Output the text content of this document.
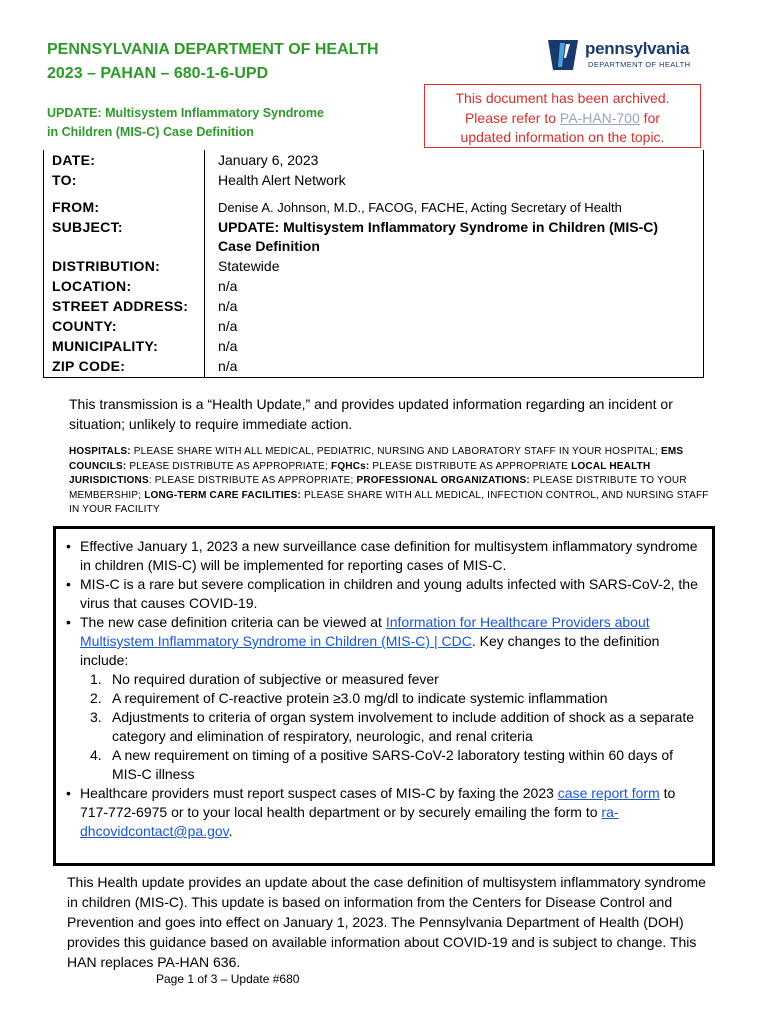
PENNSYLVANIA DEPARTMENT OF HEALTH
2023 – PAHAN – 680-1-6-UPD
UPDATE: Multisystem Inflammatory Syndrome
in Children (MIS-C) Case Definition
pennsylvania
DEPARTMENT OF HEALTH
This document has been archived.
Please refer to PA-HAN-700 for
updated information on the topic.
DATE:	January 6, 2023
TO:	Health Alert Network
FROM:	Denise A. Johnson, M.D., FACOG, FACHE, Acting Secretary of Health
SUBJECT:	UPDATE: Multisystem Inflammatory Syndrome in Children (MIS-C)
Case Definition
DISTRIBUTION:	Statewide
LOCATION:	n/a
STREET ADDRESS: n/a
COUNTY:	n/a
MUNICIPALITY:	n/a
ZIP CODE:	n/a
This transmission is a “Health Update,” and provides updated information regarding an incident or situation; unlikely to require immediate action.
HOSPITALS: PLEASE SHARE WITH ALL MEDICAL, PEDIATRIC, NURSING AND LABORATORY STAFF IN YOUR HOSPITAL; EMS COUNCILS: PLEASE DISTRIBUTE AS APPROPRIATE; FQHCs: PLEASE DISTRIBUTE AS APPROPRIATE LOCAL HEALTH JURISDICTIONS: PLEASE DISTRIBUTE AS APPROPRIATE; PROFESSIONAL ORGANIZATIONS: PLEASE DISTRIBUTE TO YOUR MEMBERSHIP; LONG-TERM CARE FACILITIES: PLEASE SHARE WITH ALL MEDICAL, INFECTION CONTROL, AND NURSING STAFF IN YOUR FACILITY
• Effective January 1, 2023 a new surveillance case definition for multisystem inflammatory syndrome in children (MIS-C) will be implemented for reporting cases of MIS-C.
• MIS-C is a rare but severe complication in children and young adults infected with SARS-CoV-2, the virus that causes COVID-19.
• The new case definition criteria can be viewed at Information for Healthcare Providers about Multisystem Inflammatory Syndrome in Children (MIS-C) | CDC. Key changes to the definition include:
1. No required duration of subjective or measured fever
2. A requirement of C-reactive protein ≥3.0 mg/dl to indicate systemic inflammation
3. Adjustments to criteria of organ system involvement to include addition of shock as a separate category and elimination of respiratory, neurologic, and renal criteria
4. A new requirement on timing of a positive SARS-CoV-2 laboratory testing within 60 days of MIS-C illness
• Healthcare providers must report suspect cases of MIS-C by faxing the 2023 case report form to 717-772-6975 or to your local health department or by securely emailing the form to ra-dhcovidcontact@pa.gov.
This Health update provides an update about the case definition of multisystem inflammatory syndrome in children (MIS-C). This update is based on information from the Centers for Disease Control and Prevention and goes into effect on January 1, 2023. The Pennsylvania Department of Health (DOH) provides this guidance based on available information about COVID-19 and is subject to change. This HAN replaces PA-HAN 636.
Page 1 of 3 – Update #680
